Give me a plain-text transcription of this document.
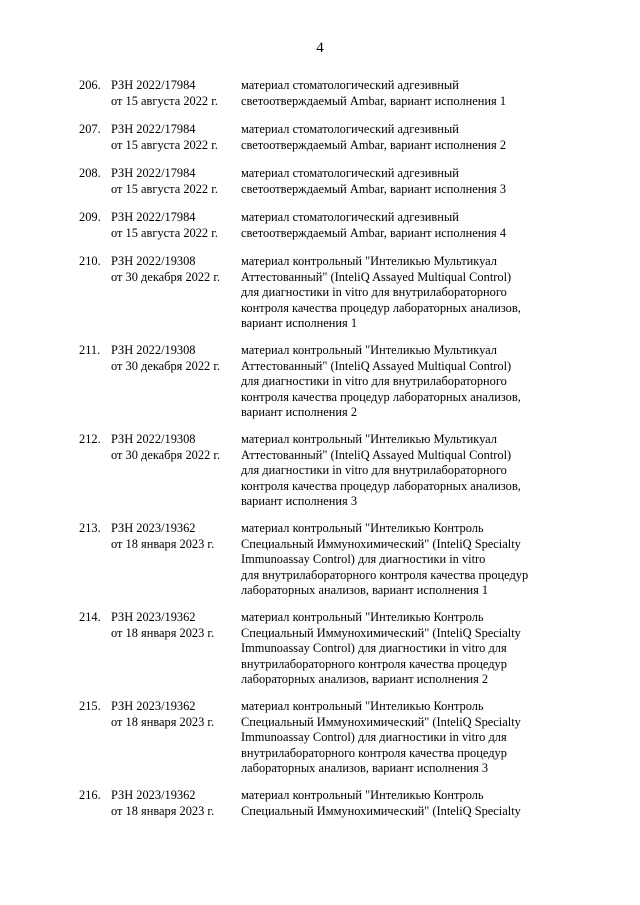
4
206. РЗН 2022/17984
от 15 августа 2022 г.
материал стоматологический адгезивный
светоотверждаемый Ambar, вариант исполнения 1
207. РЗН 2022/17984
от 15 августа 2022 г.
материал стоматологический адгезивный
светоотверждаемый Ambar, вариант исполнения 2
208. РЗН 2022/17984
от 15 августа 2022 г.
материал стоматологический адгезивный
светоотверждаемый Ambar, вариант исполнения 3
209. РЗН 2022/17984
от 15 августа 2022 г.
материал стоматологический адгезивный
светоотверждаемый Ambar, вариант исполнения 4
210. РЗН 2022/19308
от 30 декабря 2022 г.
материал контрольный "Интеликью Мультикуал
Аттестованный" (InteliQ Assayed Multiqual Control)
для диагностики in vitro для внутрилабораторного
контроля качества процедур лабораторных анализов,
вариант исполнения 1
211. РЗН 2022/19308
от 30 декабря 2022 г.
материал контрольный "Интеликью Мультикуал
Аттестованный" (InteliQ Assayed Multiqual Control)
для диагностики in vitro для внутрилабораторного
контроля качества процедур лабораторных анализов,
вариант исполнения 2
212. РЗН 2022/19308
от 30 декабря 2022 г.
материал контрольный "Интеликью Мультикуал
Аттестованный" (InteliQ Assayed Multiqual Control)
для диагностики in vitro для внутрилабораторного
контроля качества процедур лабораторных анализов,
вариант исполнения 3
213. РЗН 2023/19362
от 18 января 2023 г.
материал контрольный "Интеликью Контроль
Специальный Иммунохимический" (InteliQ Specialty
Immunoassay Control) для диагностики in vitro
для внутрилабораторного контроля качества процедур
лабораторных анализов, вариант исполнения 1
214. РЗН 2023/19362
от 18 января 2023 г.
материал контрольный "Интеликью Контроль
Специальный Иммунохимический" (InteliQ Specialty
Immunoassay Control) для диагностики in vitro для
внутрилабораторного контроля качества процедур
лабораторных анализов, вариант исполнения 2
215. РЗН 2023/19362
от 18 января 2023 г.
материал контрольный "Интеликью Контроль
Специальный Иммунохимический" (InteliQ Specialty
Immunoassay Control) для диагностики in vitro для
внутрилабораторного контроля качества процедур
лабораторных анализов, вариант исполнения 3
216. РЗН 2023/19362
от 18 января 2023 г.
материал контрольный "Интеликью Контроль
Специальный Иммунохимический" (InteliQ Specialty
